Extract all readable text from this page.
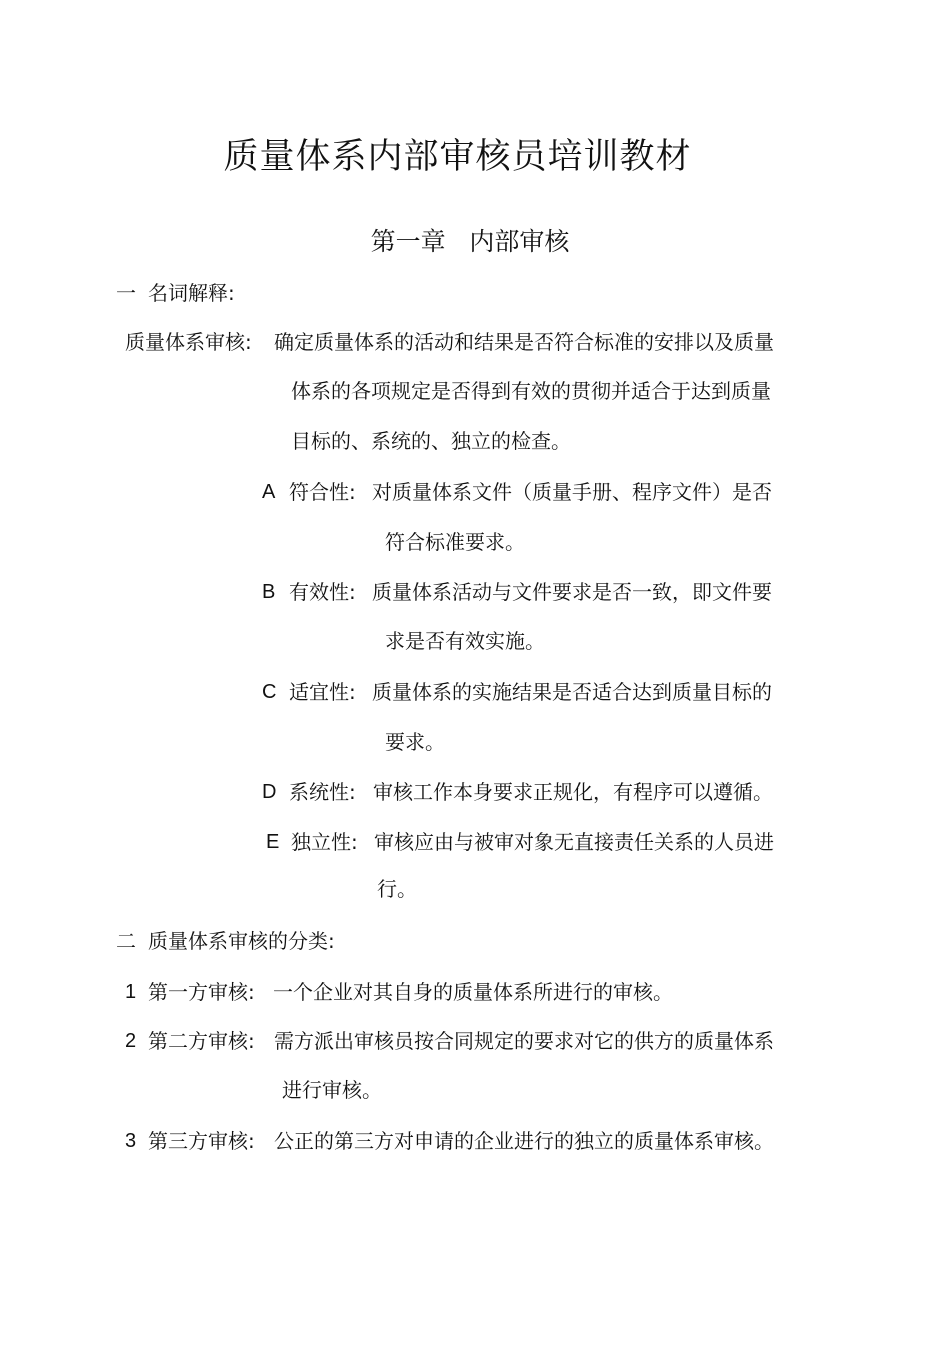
质量体系内部审核员培训教材
第一章   内部审核
一 名词解释:
质量体系审核: 确定质量体系的活动和结果是否符合标准的安排以及质量
体系的各项规定是否得到有效的贯彻并适合于达到质量
目标的、系统的、独立的检查。
A 符合性: 对质量体系文件（质量手册、程序文件）是否
符合标准要求。
B 有效性: 质量体系活动与文件要求是否一致，即文件要
求是否有效实施。
C 适宜性: 质量体系的实施结果是否适合达到质量目标的
要求。
D 系统性: 审核工作本身要求正规化，有程序可以遵循。
E 独立性: 审核应由与被审对象无直接责任关系的人员进
行。
二 质量体系审核的分类:
1 第一方审核: 一个企业对其自身的质量体系所进行的审核。
2 第二方审核: 需方派出审核员按合同规定的要求对它的供方的质量体系
进行审核。
3 第三方审核: 公正的第三方对申请的企业进行的独立的质量体系审核。
